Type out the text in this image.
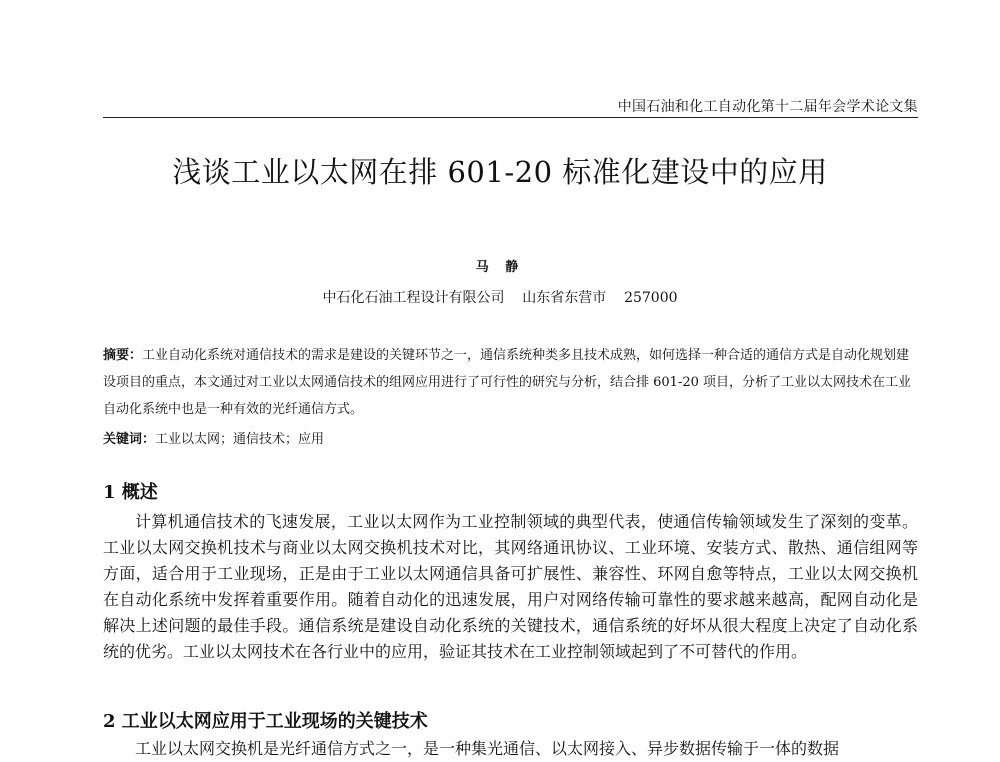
中国石油和化工自动化第十二届年会学术论文集
浅谈工业以太网在排 601-20 标准化建设中的应用
马 静
中石化石油工程设计有限公司    山东省东营市    257000
摘要：工业自动化系统对通信技术的需求是建设的关键环节之一，通信系统种类多且技术成熟，如何选择一种合适的通信方式是自动化规划建设项目的重点，本文通过对工业以太网通信技术的组网应用进行了可行性的研究与分析，结合排 601-20 项目，分析了工业以太网技术在工业自动化系统中也是一种有效的光纤通信方式。
关键词：工业以太网；通信技术；应用
1 概述
计算机通信技术的飞速发展，工业以太网作为工业控制领域的典型代表，使通信传输领域发生了深刻的变革。工业以太网交换机技术与商业以太网交换机技术对比，其网络通讯协议、工业环境、安装方式、散热、通信组网等方面，适合用于工业现场，正是由于工业以太网通信具备可扩展性、兼容性、环网自愈等特点，工业以太网交换机在自动化系统中发挥着重要作用。随着自动化的迅速发展，用户对网络传输可靠性的要求越来越高，配网自动化是解决上述问题的最佳手段。通信系统是建设自动化系统的关键技术，通信系统的好坏从很大程度上决定了自动化系统的优劣。工业以太网技术在各行业中的应用，验证其技术在工业控制领域起到了不可替代的作用。
2 工业以太网应用于工业现场的关键技术
工业以太网交换机是光纤通信方式之一，是一种集光通信、以太网接入、异步数据传输于一体的数据
